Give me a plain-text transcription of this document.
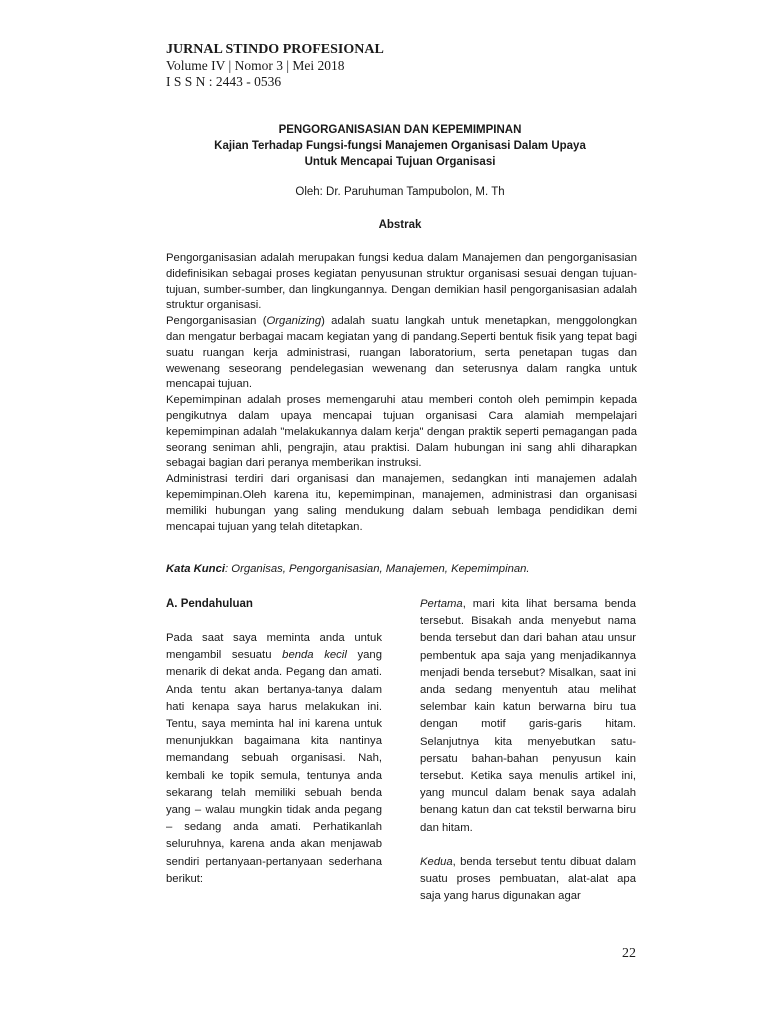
JURNAL STINDO PROFESIONAL
Volume IV | Nomor 3 | Mei 2018
I S S N : 2443 - 0536
PENGORGANISASIAN DAN KEPEMIMPINAN
Kajian Terhadap Fungsi-fungsi Manajemen Organisasi Dalam Upaya
Untuk Mencapai Tujuan Organisasi
Oleh: Dr. Paruhuman Tampubolon, M. Th
Abstrak

Pengorganisasian adalah merupakan fungsi kedua dalam Manajemen dan pengorganisasian didefinisikan sebagai proses kegiatan penyusunan struktur organisasi sesuai dengan tujuan-tujuan, sumber-sumber, dan lingkungannya. Dengan demikian hasil pengorganisasian adalah struktur organisasi.

Pengorganisasian (Organizing) adalah suatu langkah untuk menetapkan, menggolongkan dan mengatur berbagai macam kegiatan yang di pandang.Seperti bentuk fisik yang tepat bagi suatu ruangan kerja administrasi, ruangan laboratorium, serta penetapan tugas dan wewenang seseorang pendelegasian wewenang dan seterusnya dalam rangka untuk mencapai tujuan.

Kepemimpinan adalah proses memengaruhi atau memberi contoh oleh pemimpin kepada pengikutnya dalam upaya mencapai tujuan organisasi Cara alamiah mempelajari kepemimpinan adalah "melakukannya dalam kerja" dengan praktik seperti pemagangan pada seorang seniman ahli, pengrajin, atau praktisi. Dalam hubungan ini sang ahli diharapkan sebagai bagian dari peranya memberikan instruksi.

Administrasi terdiri dari organisasi dan manajemen, sedangkan inti manajemen adalah kepemimpinan.Oleh karena itu, kepemimpinan, manajemen, administrasi dan organisasi memiliki hubungan yang saling mendukung dalam sebuah lembaga pendidikan demi mencapai tujuan yang telah ditetapkan.

Kata Kunci: Organisas, Pengorganisasian, Manajemen, Kepemimpinan.
A. Pendahuluan

Pada saat saya meminta anda untuk mengambil sesuatu benda kecil yang menarik di dekat anda. Pegang dan amati. Anda tentu akan bertanya-tanya dalam hati kenapa saya harus melakukan ini. Tentu, saya meminta hal ini karena untuk menunjukkan bagaimana kita nantinya memandang sebuah organisasi. Nah, kembali ke topik semula, tentunya anda sekarang telah memiliki sebuah benda yang – walau mungkin tidak anda pegang – sedang anda amati. Perhatikanlah seluruhnya, karena anda akan menjawab sendiri pertanyaan-pertanyaan sederhana berikut:

Pertama, mari kita lihat bersama benda tersebut. Bisakah anda menyebut nama benda tersebut dan dari bahan atau unsur pembentuk apa saja yang menjadikannya menjadi benda tersebut? Misalkan, saat ini anda sedang menyentuh atau melihat selembar kain katun berwarna biru tua dengan motif garis-garis hitam. Selanjutnya kita menyebutkan satu-persatu bahan-bahan penyusun kain tersebut. Ketika saya menulis artikel ini, yang muncul dalam benak saya adalah benang katun dan cat tekstil berwarna biru dan hitam.

Kedua, benda tersebut tentu dibuat dalam suatu proses pembuatan, alat-alat apa saja yang harus digunakan agar

22
